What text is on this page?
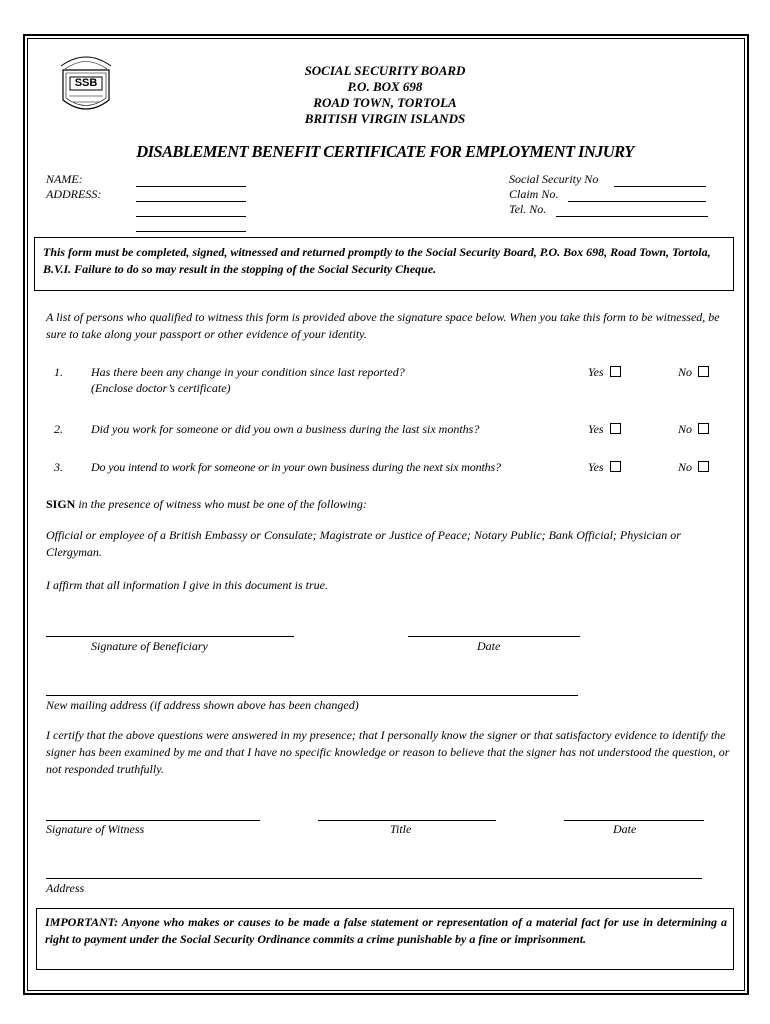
SSB
SOCIAL SECURITY BOARD
P.O. BOX 698
ROAD TOWN, TORTOLA
BRITISH VIRGIN ISLANDS
DISABLEMENT BENEFIT CERTIFICATE FOR EMPLOYMENT INJURY
NAME:
ADDRESS:
Social Security No
Claim No.
Tel. No.
This form must be completed, signed, witnessed and returned promptly to the Social Security Board, P.O. Box 698, Road Town, Tortola, B.V.I. Failure to do so may result in the stopping of the Social Security Cheque.
A list of persons who qualified to witness this form is provided above the signature space below. When you take this form to be witnessed, be sure to take along your passport or other evidence of your identity.
1. Has there been any change in your condition since last reported?
(Enclose doctor’s certificate)
Yes	No
2. Did you work for someone or did you own a business during the last six months?	Yes	No
3. Do you intend to work for someone or in your own business during the next six months?	Yes	No
SIGN in the presence of witness who must be one of the following:
Official or employee of a British Embassy or Consulate; Magistrate or Justice of Peace; Notary Public; Bank Official; Physician or Clergyman.
I affirm that all information I give in this document is true.
Signature of Beneficiary	Date
New mailing address (if address shown above has been changed)
I certify that the above questions were answered in my presence; that I personally know the signer or that satisfactory evidence to identify the signer has been examined by me and that I have no specific knowledge or reason to believe that the signer has not understood the question, or not responded truthfully.
Signature of Witness	Title	Date
Address
IMPORTANT: Anyone who makes or causes to be made a false statement or representation of a material fact for use in determining a right to payment under the Social Security Ordinance commits a crime punishable by a fine or imprisonment.
